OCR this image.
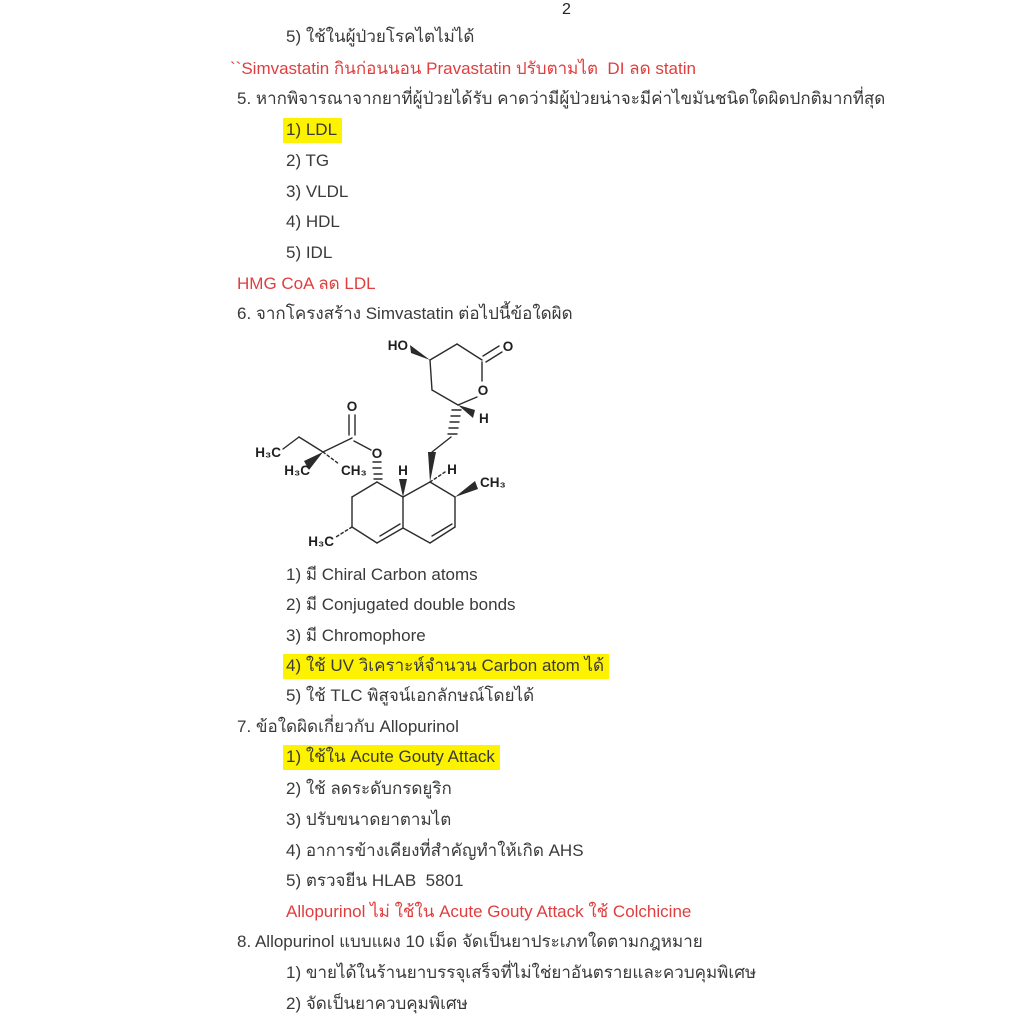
2
5) ใช้ในผู้ป่วยโรคไตไม่ได้
``Simvastatin กินก่อนนอน Pravastatin ปรับตามไต  DI ลด statin
5. หากพิจารณาจากยาที่ผู้ป่วยได้รับ คาดว่ามีผู้ป่วยน่าจะมีค่าไขมันชนิดใดผิดปกติมากที่สุด
1) LDL
2) TG
3) VLDL
4) HDL
5) IDL
HMG CoA ลด LDL
6. จากโครงสร้าง Simvastatin ต่อไปนี้ข้อใดผิด
HO	O
O
H
O
O
H₃C
H₃C CH₃ H	H
CH₃
H₃C
1) มี Chiral Carbon atoms
2) มี Conjugated double bonds
3) มี Chromophore
4) ใช้ UV วิเคราะห์จำนวน Carbon atom ได้
5) ใช้ TLC พิสูจน์เอกลักษณ์โดยได้
7. ข้อใดผิดเกี่ยวกับ Allopurinol
1) ใช้ใน Acute Gouty Attack
2) ใช้ ลดระดับกรดยูริก
3) ปรับขนาดยาตามไต
4) อาการข้างเคียงที่สำคัญทำให้เกิด AHS
5) ตรวจยีน HLAB  5801
Allopurinol ไม่ ใช้ใน Acute Gouty Attack ใช้ Colchicine
8. Allopurinol แบบแผง 10 เม็ด จัดเป็นยาประเภทใดตามกฎหมาย
1) ขายได้ในร้านยาบรรจุเสร็จที่ไม่ใช่ยาอันตรายและควบคุมพิเศษ
2) จัดเป็นยาควบคุมพิเศษ
